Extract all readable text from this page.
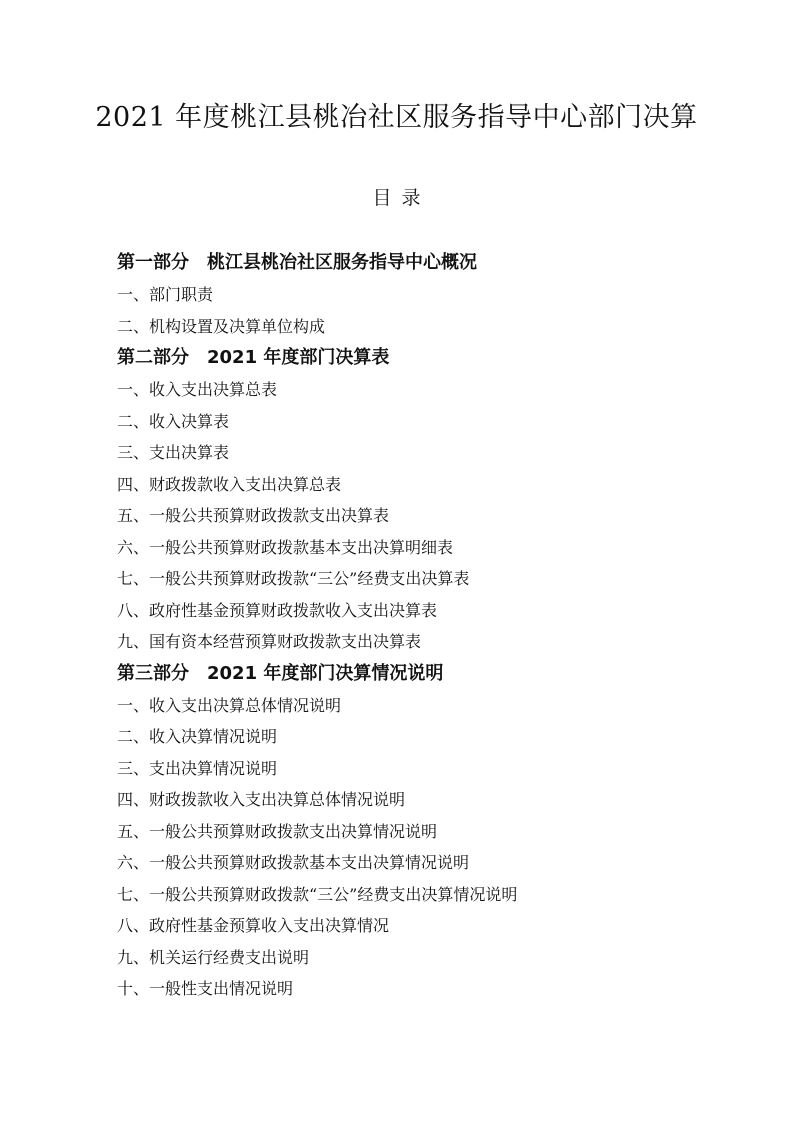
2021 年度桃江县桃冶社区服务指导中心部门决算
目录
第一部分　桃江县桃冶社区服务指导中心概况
一、部门职责
二、机构设置及决算单位构成
第二部分　2021 年度部门决算表
一、收入支出决算总表
二、收入决算表
三、支出决算表
四、财政拨款收入支出决算总表
五、一般公共预算财政拨款支出决算表
六、一般公共预算财政拨款基本支出决算明细表
七、一般公共预算财政拨款“三公”经费支出决算表
八、政府性基金预算财政拨款收入支出决算表
九、国有资本经营预算财政拨款支出决算表
第三部分　2021 年度部门决算情况说明
一、收入支出决算总体情况说明
二、收入决算情况说明
三、支出决算情况说明
四、财政拨款收入支出决算总体情况说明
五、一般公共预算财政拨款支出决算情况说明
六、一般公共预算财政拨款基本支出决算情况说明
七、一般公共预算财政拨款“三公”经费支出决算情况说明
八、政府性基金预算收入支出决算情况
九、机关运行经费支出说明
十、一般性支出情况说明
